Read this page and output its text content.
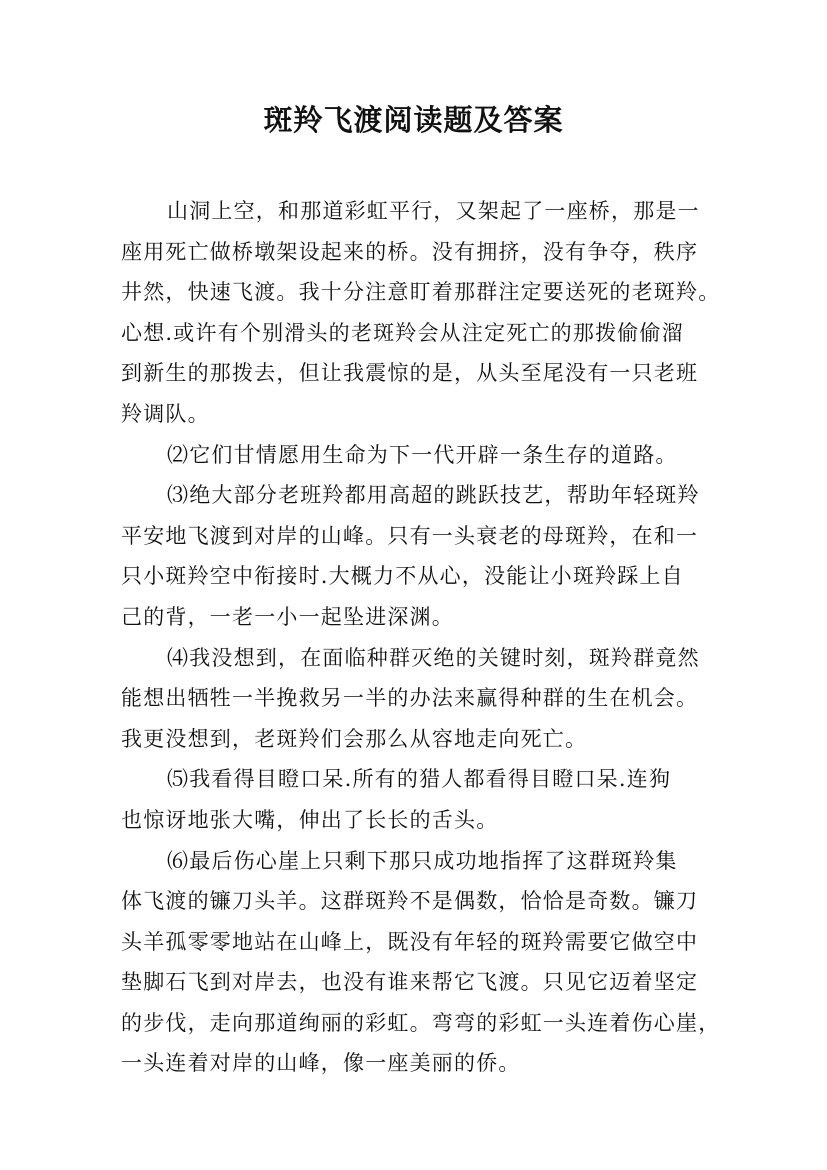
斑羚飞渡阅读题及答案
山洞上空，和那道彩虹平行，又架起了一座桥，那是一
座用死亡做桥墩架设起来的桥。没有拥挤，没有争夺，秩序
井然，快速飞渡。我十分注意盯着那群注定要送死的老斑羚。
心想.或许有个别滑头的老斑羚会从注定死亡的那拨偷偷溜
到新生的那拨去，但让我震惊的是，从头至尾没有一只老班
羚调队。
⑵它们甘情愿用生命为下一代开辟一条生存的道路。
⑶绝大部分老班羚都用高超的跳跃技艺，帮助年轻斑羚
平安地飞渡到对岸的山峰。只有一头衰老的母斑羚，在和一
只小斑羚空中衔接时.大概力不从心，没能让小斑羚踩上自
己的背，一老一小一起坠进深渊。
⑷我没想到，在面临种群灭绝的关键时刻，斑羚群竟然
能想出牺牲一半挽救另一半的办法来赢得种群的生在机会。
我更没想到，老斑羚们会那么从容地走向死亡。
⑸我看得目瞪口呆.所有的猎人都看得目瞪口呆.连狗
也惊讶地张大嘴，伸出了长长的舌头。
⑹最后伤心崖上只剩下那只成功地指挥了这群斑羚集
体飞渡的镰刀头羊。这群斑羚不是偶数，恰恰是奇数。镰刀
头羊孤零零地站在山峰上，既没有年轻的斑羚需要它做空中
垫脚石飞到对岸去，也没有谁来帮它飞渡。只见它迈着坚定
的步伐，走向那道绚丽的彩虹。弯弯的彩虹一头连着伤心崖，
一头连着对岸的山峰，像一座美丽的侨。
